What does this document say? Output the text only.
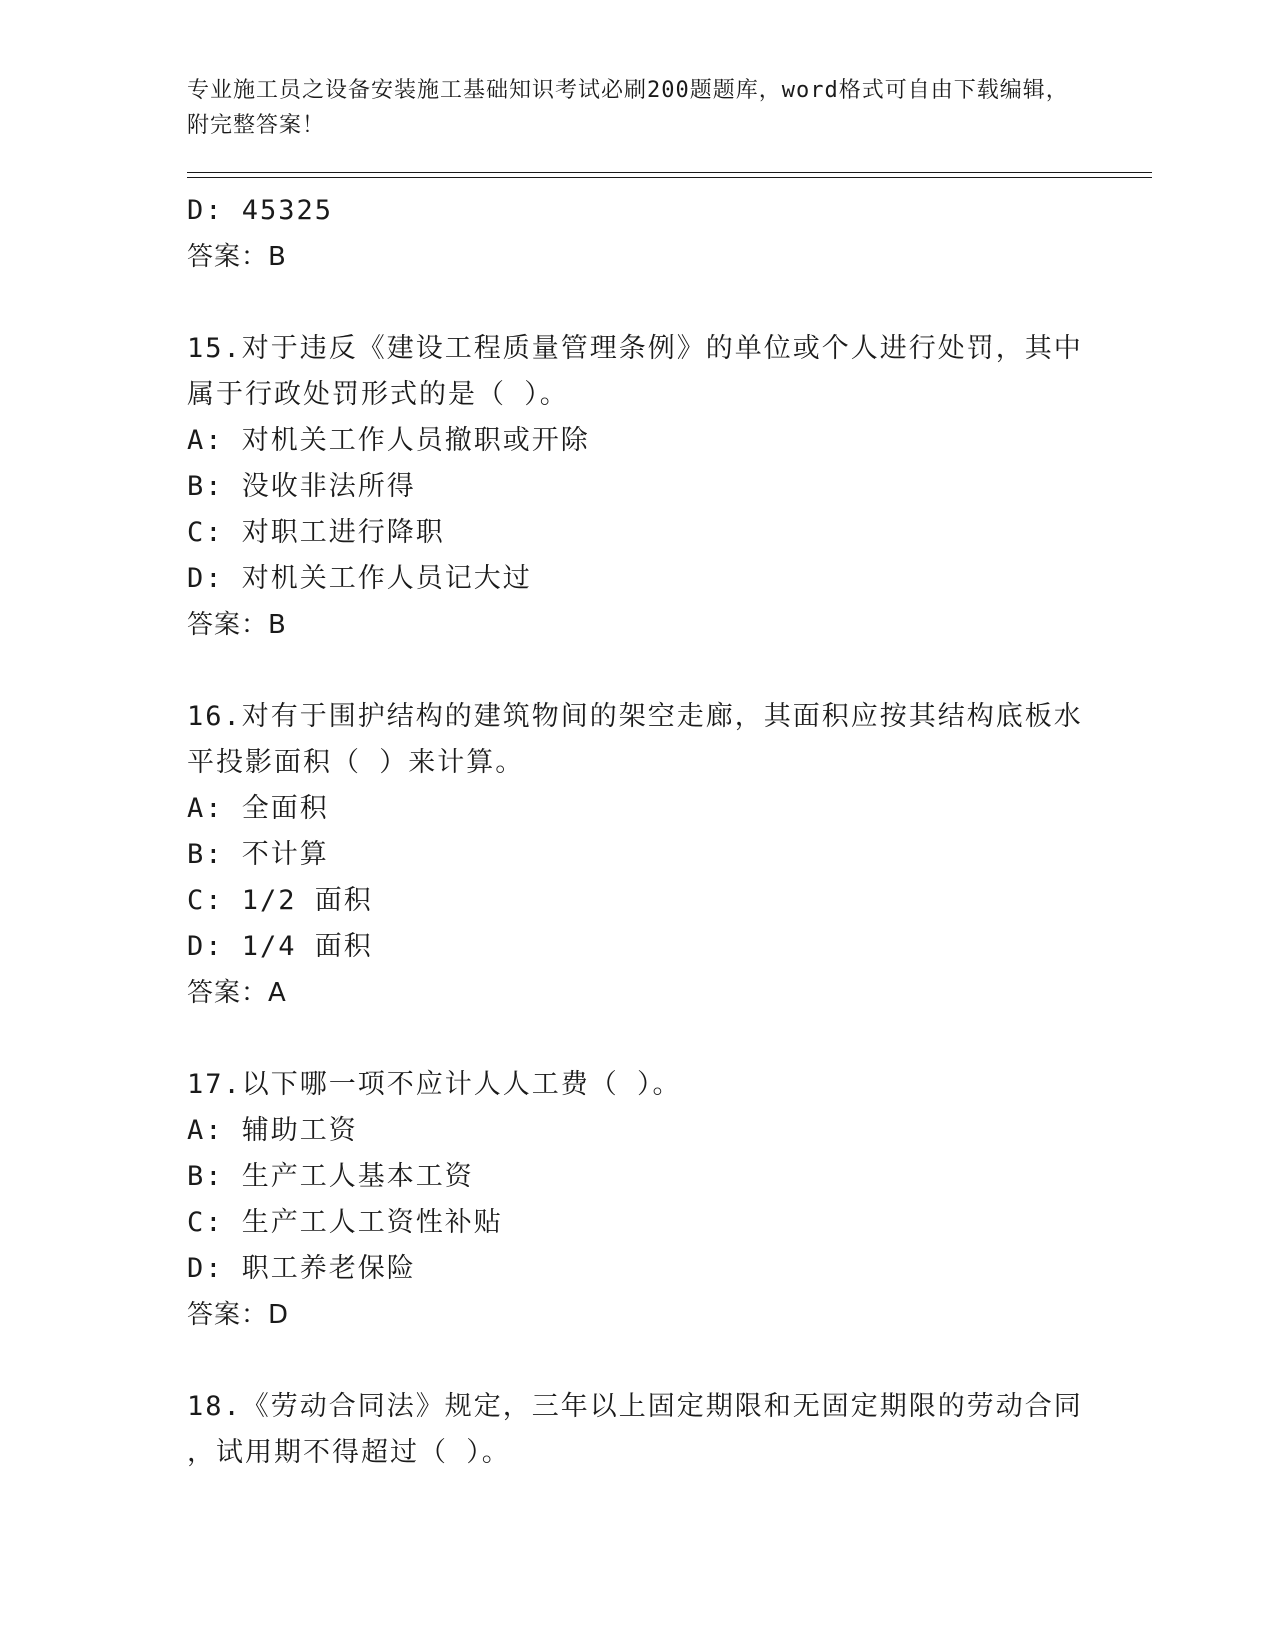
专业施工员之设备安装施工基础知识考试必刷200题题库，word格式可自由下载编辑，附完整答案！
D: 45325
答案：B
15.对于违反《建设工程质量管理条例》的单位或个人进行处罚，其中
属于行政处罚形式的是（ ）。
A: 对机关工作人员撤职或开除
B: 没收非法所得
C: 对职工进行降职
D: 对机关工作人员记大过
答案：B
16.对有于围护结构的建筑物间的架空走廊，其面积应按其结构底板水
平投影面积（ ）来计算。
A: 全面积
B: 不计算
C: 1/2 面积
D: 1/4 面积
答案：A
17.以下哪一项不应计人人工费（ ）。
A: 辅助工资
B: 生产工人基本工资
C: 生产工人工资性补贴
D: 职工养老保险
答案：D
18.《劳动合同法》规定，三年以上固定期限和无固定期限的劳动合同
，试用期不得超过（ ）。
